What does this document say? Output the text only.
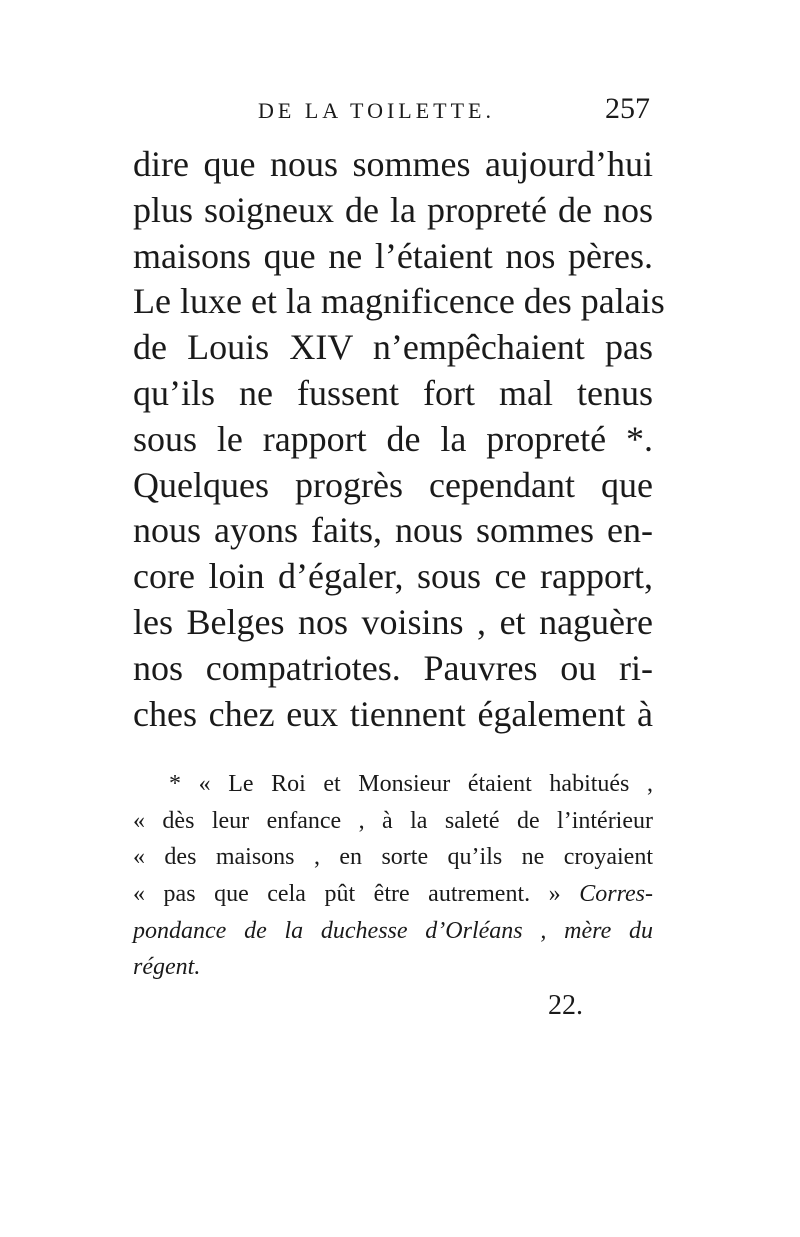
DE LA TOILETTE.	257
dire que nous sommes aujourd’hui
plus soigneux de la propreté de nos
maisons que ne l’étaient nos pères.
Le luxe et la magnificence des palais
de Louis XIV n’empêchaient pas
qu’ils ne fussent fort mal tenus
sous le rapport de la propreté *.
Quelques progrès cependant que
nous ayons faits, nous sommes en-
core loin d’égaler, sous ce rapport,
les Belges nos voisins , et naguère
nos compatriotes. Pauvres ou ri-
ches chez eux tiennent également à
* « Le Roi et Monsieur étaient habitués ,
« dès leur enfance , à la saleté de l’intérieur
« des maisons , en sorte qu’ils ne croyaient
« pas que cela pût être autrement. » Corres-
pondance de la duchesse d’Orléans , mère du
régent.
22.
